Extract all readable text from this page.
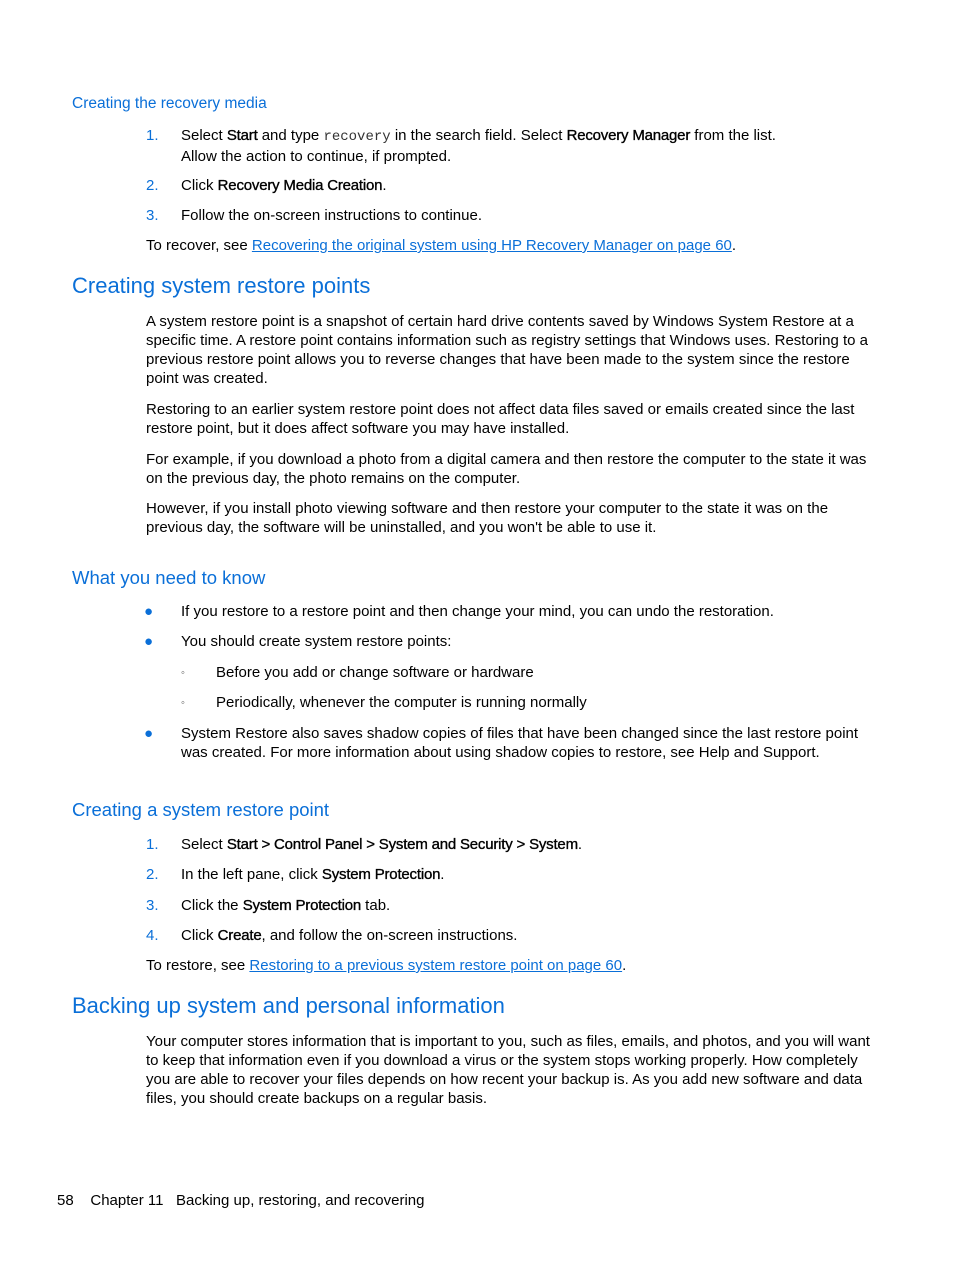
Creating the recovery media
1. Select Start and type recovery in the search field. Select Recovery Manager from the list.
Allow the action to continue, if prompted.
2. Click Recovery Media Creation.
3. Follow the on-screen instructions to continue.
To recover, see Recovering the original system using HP Recovery Manager on page 60.
Creating system restore points
A system restore point is a snapshot of certain hard drive contents saved by Windows System Restore at a specific time. A restore point contains information such as registry settings that Windows uses. Restoring to a previous restore point allows you to reverse changes that have been made to the system since the restore point was created.
Restoring to an earlier system restore point does not affect data files saved or emails created since the last restore point, but it does affect software you may have installed.
For example, if you download a photo from a digital camera and then restore the computer to the state it was on the previous day, the photo remains on the computer.
However, if you install photo viewing software and then restore your computer to the state it was on the previous day, the software will be uninstalled, and you won't be able to use it.
What you need to know
● If you restore to a restore point and then change your mind, you can undo the restoration.
● You should create system restore points:
◦ Before you add or change software or hardware
◦ Periodically, whenever the computer is running normally
● System Restore also saves shadow copies of files that have been changed since the last restore point was created. For more information about using shadow copies to restore, see Help and Support.
Creating a system restore point
1. Select Start > Control Panel > System and Security > System.
2. In the left pane, click System Protection.
3. Click the System Protection tab.
4. Click Create, and follow the on-screen instructions.
To restore, see Restoring to a previous system restore point on page 60.
Backing up system and personal information
Your computer stores information that is important to you, such as files, emails, and photos, and you will want to keep that information even if you download a virus or the system stops working properly. How completely you are able to recover your files depends on how recent your backup is. As you add new software and data files, you should create backups on a regular basis.
58 Chapter 11 Backing up, restoring, and recovering
